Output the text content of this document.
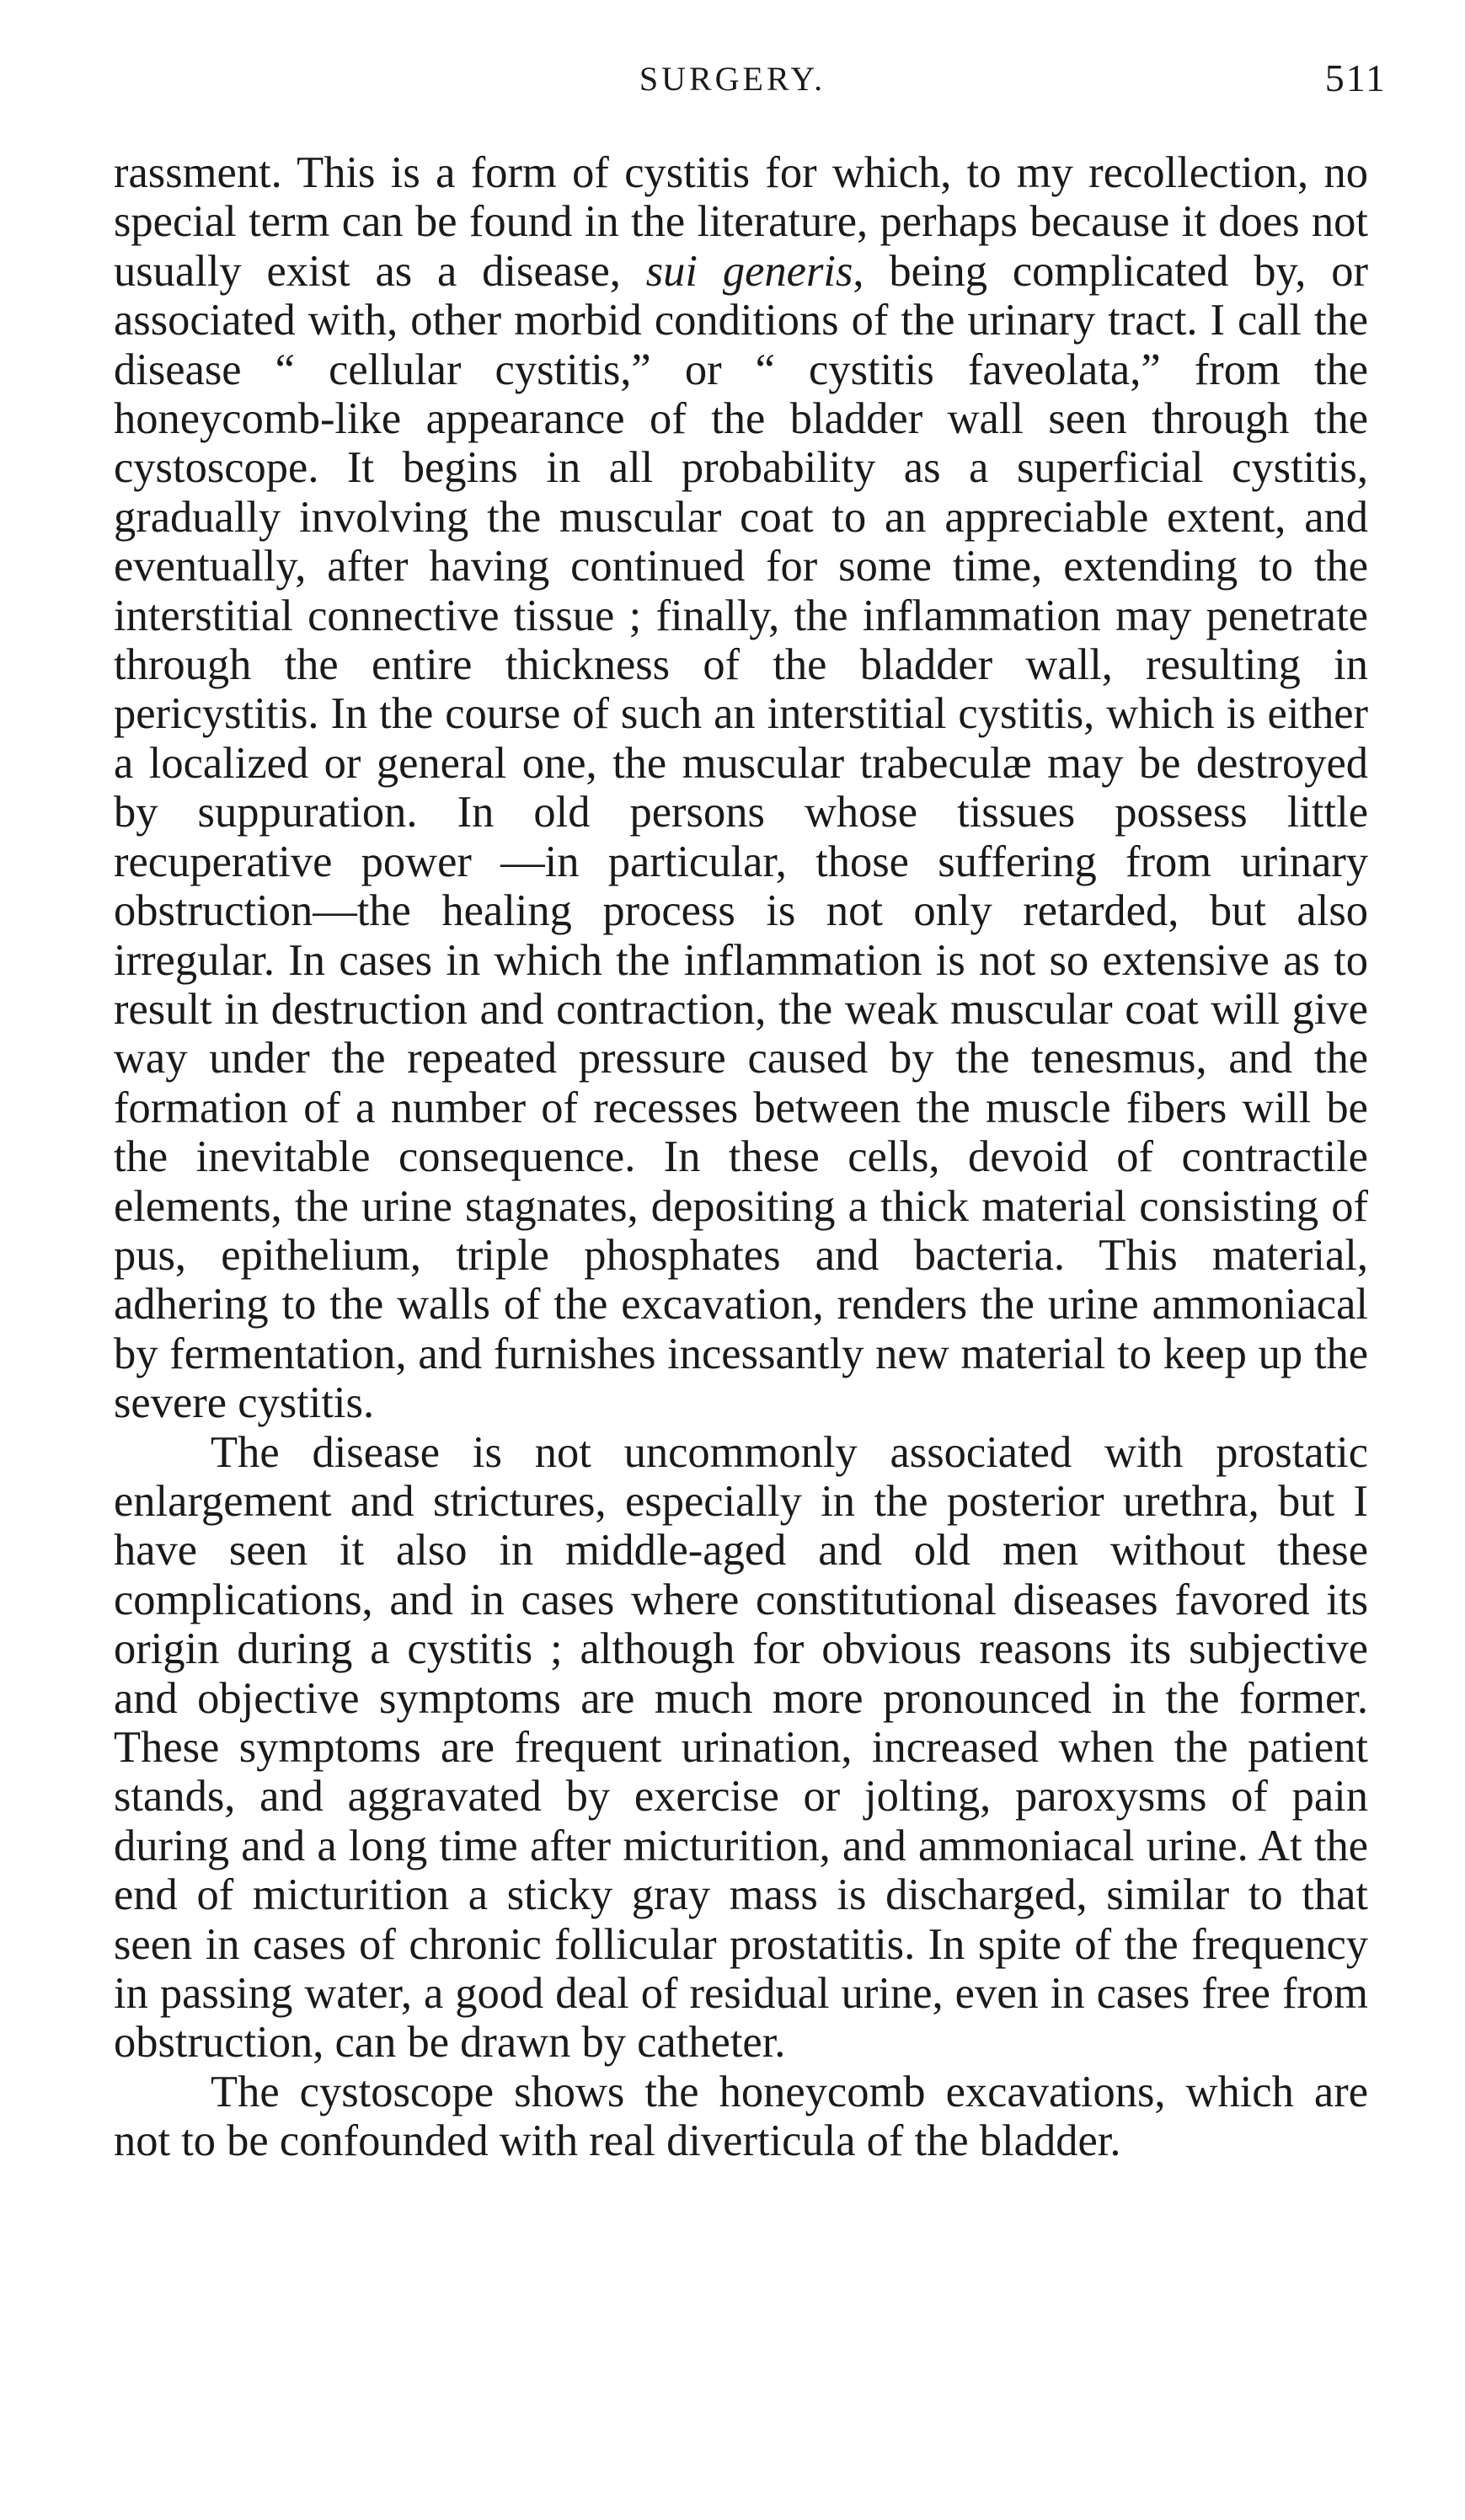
SURGERY.	511

rassment. This is a form of cystitis for which, to my recollection, no special term can be found in the literature, perhaps because it does not usually exist as a disease, sui generis, being complicated by, or associated with, other morbid conditions of the urinary tract. I call the disease “ cellular cystitis,” or “ cystitis faveolata,” from the honeycomb-like appearance of the bladder wall seen through the cystoscope. It begins in all probability as a superficial cystitis, gradually involving the muscular coat to an appreciable extent, and eventually, after having continued for some time, extending to the interstitial connective tissue ; finally, the inflammation may penetrate through the entire thickness of the bladder wall, resulting in pericystitis. In the course of such an interstitial cystitis, which is either a localized or general one, the muscular trabeculæ may be destroyed by suppuration. In old persons whose tissues possess little recuperative power —in particular, those suffering from urinary obstruction—the healing process is not only retarded, but also irregular. In cases in which the inflammation is not so extensive as to result in destruction and contraction, the weak muscular coat will give way under the repeated pressure caused by the tenesmus, and the formation of a number of recesses between the muscle fibers will be the inevitable consequence. In these cells, devoid of contractile elements, the urine stagnates, depositing a thick material consisting of pus, epithelium, triple phosphates and bacteria. This material, adhering to the walls of the excavation, renders the urine ammoniacal by fermentation, and furnishes incessantly new material to keep up the severe cystitis.

The disease is not uncommonly associated with prostatic enlargement and strictures, especially in the posterior urethra, but I have seen it also in middle-aged and old men without these complications, and in cases where constitutional diseases favored its origin during a cystitis ; although for obvious reasons its subjective and objective symptoms are much more pronounced in the former. These symptoms are frequent urination, increased when the patient stands, and aggravated by exercise or jolting, paroxysms of pain during and a long time after micturition, and ammoniacal urine. At the end of micturition a sticky gray mass is discharged, similar to that seen in cases of chronic follicular prostatitis. In spite of the frequency in passing water, a good deal of residual urine, even in cases free from obstruction, can be drawn by catheter.

The cystoscope shows the honeycomb excavations, which are not to be confounded with real diverticula of the bladder.
